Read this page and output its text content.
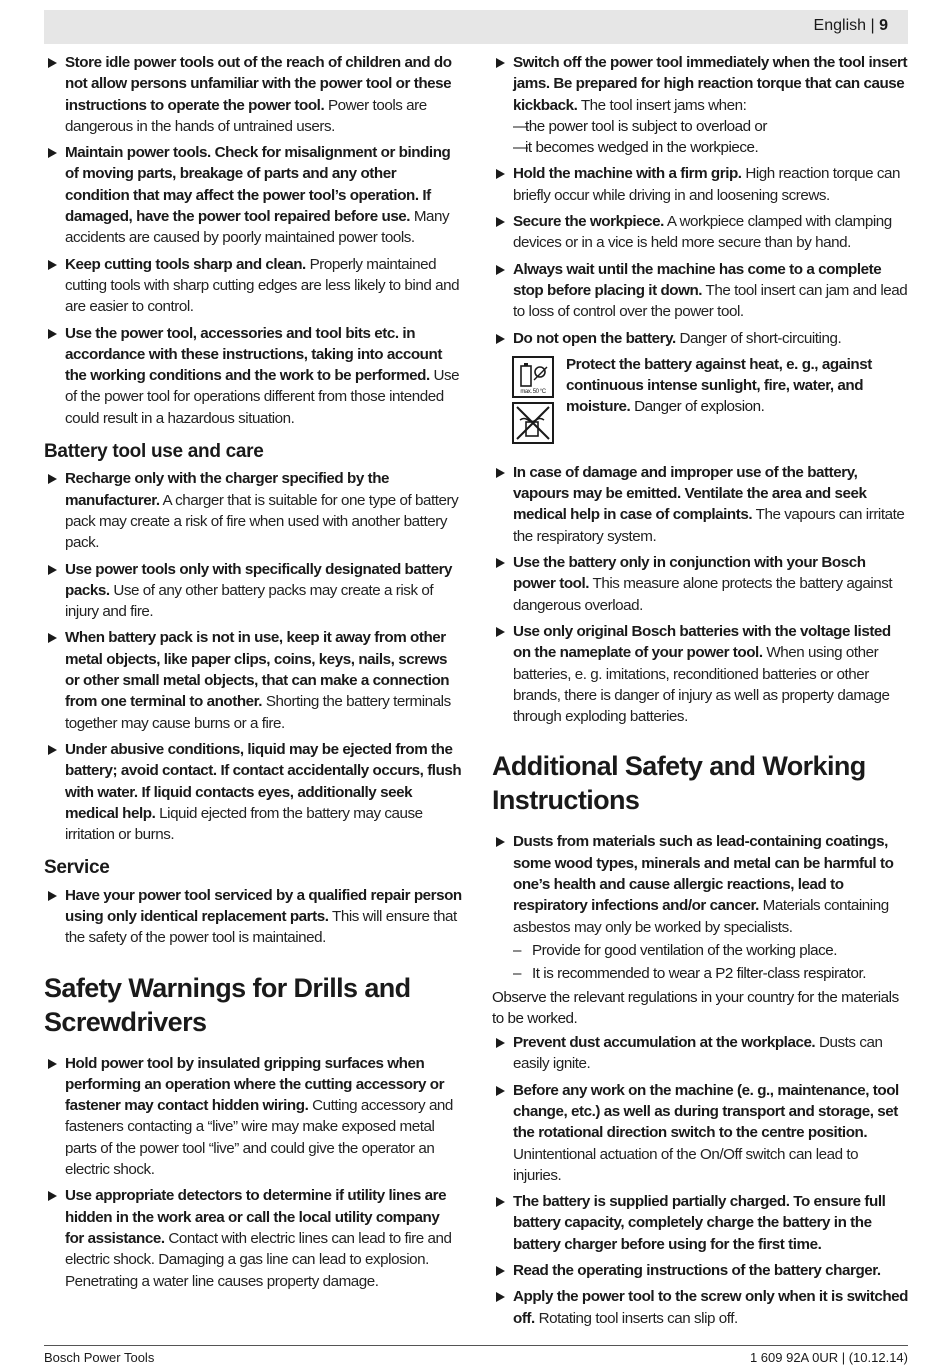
English | 9
Store idle power tools out of the reach of children and do not allow persons unfamiliar with the power tool or these instructions to operate the power tool. Power tools are dangerous in the hands of untrained users.
Maintain power tools. Check for misalignment or binding of moving parts, breakage of parts and any other condition that may affect the power tool’s operation. If damaged, have the power tool repaired before use. Many accidents are caused by poorly maintained power tools.
Keep cutting tools sharp and clean. Properly maintained cutting tools with sharp cutting edges are less likely to bind and are easier to control.
Use the power tool, accessories and tool bits etc. in accordance with these instructions, taking into account the working conditions and the work to be performed. Use of the power tool for operations different from those intended could result in a hazardous situation.
Battery tool use and care
Recharge only with the charger specified by the manufacturer. A charger that is suitable for one type of battery pack may create a risk of fire when used with another battery pack.
Use power tools only with specifically designated battery packs. Use of any other battery packs may create a risk of injury and fire.
When battery pack is not in use, keep it away from other metal objects, like paper clips, coins, keys, nails, screws or other small metal objects, that can make a connection from one terminal to another. Shorting the battery terminals together may cause burns or a fire.
Under abusive conditions, liquid may be ejected from the battery; avoid contact. If contact accidentally occurs, flush with water. If liquid contacts eyes, additionally seek medical help. Liquid ejected from the battery may cause irritation or burns.
Service
Have your power tool serviced by a qualified repair person using only identical replacement parts. This will ensure that the safety of the power tool is maintained.
Safety Warnings for Drills and Screwdrivers
Hold power tool by insulated gripping surfaces when performing an operation where the cutting accessory or fastener may contact hidden wiring. Cutting accessory and fasteners contacting a “live” wire may make exposed metal parts of the power tool “live” and could give the operator an electric shock.
Use appropriate detectors to determine if utility lines are hidden in the work area or call the local utility company for assistance. Contact with electric lines can lead to fire and electric shock. Damaging a gas line can lead to explosion. Penetrating a water line causes property damage.
Switch off the power tool immediately when the tool insert jams. Be prepared for high reaction torque that can cause kickback. The tool insert jams when:
—the power tool is subject to overload or
—it becomes wedged in the workpiece.
Hold the machine with a firm grip. High reaction torque can briefly occur while driving in and loosening screws.
Secure the workpiece. A workpiece clamped with clamping devices or in a vice is held more secure than by hand.
Always wait until the machine has come to a complete stop before placing it down. The tool insert can jam and lead to loss of control over the power tool.
Do not open the battery. Danger of short-circuiting.
max. 50 °C
Protect the battery against heat, e. g., against continuous intense sunlight, fire, water, and moisture. Danger of explosion.
In case of damage and improper use of the battery, vapours may be emitted. Ventilate the area and seek medical help in case of complaints. The vapours can irritate the respiratory system.
Use the battery only in conjunction with your Bosch power tool. This measure alone protects the battery against dangerous overload.
Use only original Bosch batteries with the voltage listed on the nameplate of your power tool. When using other batteries, e. g. imitations, reconditioned batteries or other brands, there is danger of injury as well as property damage through exploding batteries.
Additional Safety and Working Instructions
Dusts from materials such as lead-containing coatings, some wood types, minerals and metal can be harmful to one’s health and cause allergic reactions, lead to respiratory infections and/or cancer. Materials containing asbestos may only be worked by specialists.
– Provide for good ventilation of the working place.
– It is recommended to wear a P2 filter-class respirator.
Observe the relevant regulations in your country for the materials to be worked.
Prevent dust accumulation at the workplace. Dusts can easily ignite.
Before any work on the machine (e. g., maintenance, tool change, etc.) as well as during transport and storage, set the rotational direction switch to the centre position. Unintentional actuation of the On/Off switch can lead to injuries.
The battery is supplied partially charged. To ensure full battery capacity, completely charge the battery in the battery charger before using for the first time.
Read the operating instructions of the battery charger.
Apply the power tool to the screw only when it is switched off. Rotating tool inserts can slip off.
Bosch Power Tools	1 609 92A 0UR | (10.12.14)
